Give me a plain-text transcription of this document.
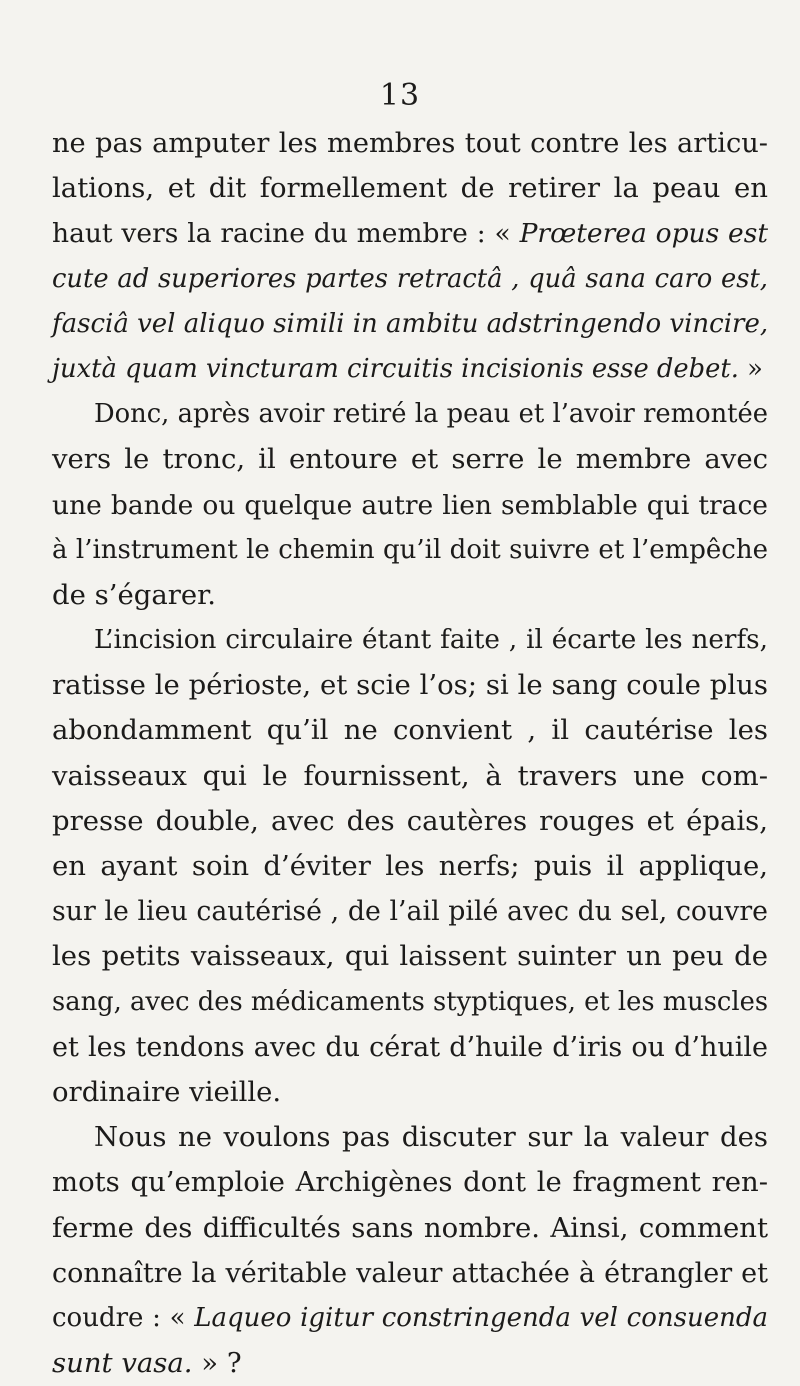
13
ne pas amputer les membres tout contre les articu-
lations, et dit formellement de retirer la peau en
haut vers la racine du membre : « Prœterea opus est
cute ad superiores partes retractâ , quâ sana caro est,
fasciâ vel aliquo simili in ambitu adstringendo vincire,
juxtà quam vincturam circuitis incisionis esse debet. »
Donc, après avoir retiré la peau et l’avoir remontée
vers le tronc, il entoure et serre le membre avec
une bande ou quelque autre lien semblable qui trace
à l’instrument le chemin qu’il doit suivre et l’empêche
de s’égarer.
L’incision circulaire étant faite , il écarte les nerfs,
ratisse le périoste, et scie l’os; si le sang coule plus
abondamment qu’il ne convient , il cautérise les
vaisseaux qui le fournissent, à travers une com-
presse double, avec des cautères rouges et épais,
en ayant soin d’éviter les nerfs; puis il applique,
sur le lieu cautérisé , de l’ail pilé avec du sel, couvre
les petits vaisseaux, qui laissent suinter un peu de
sang, avec des médicaments styptiques, et les muscles
et les tendons avec du cérat d’huile d’iris ou d’huile
ordinaire vieille.
Nous ne voulons pas discuter sur la valeur des
mots qu’emploie Archigènes dont le fragment ren-
ferme des difficultés sans nombre. Ainsi, comment
connaître la véritable valeur attachée à étrangler et
coudre : « Laqueo igitur constringenda vel consuenda
sunt vasa. » ?
